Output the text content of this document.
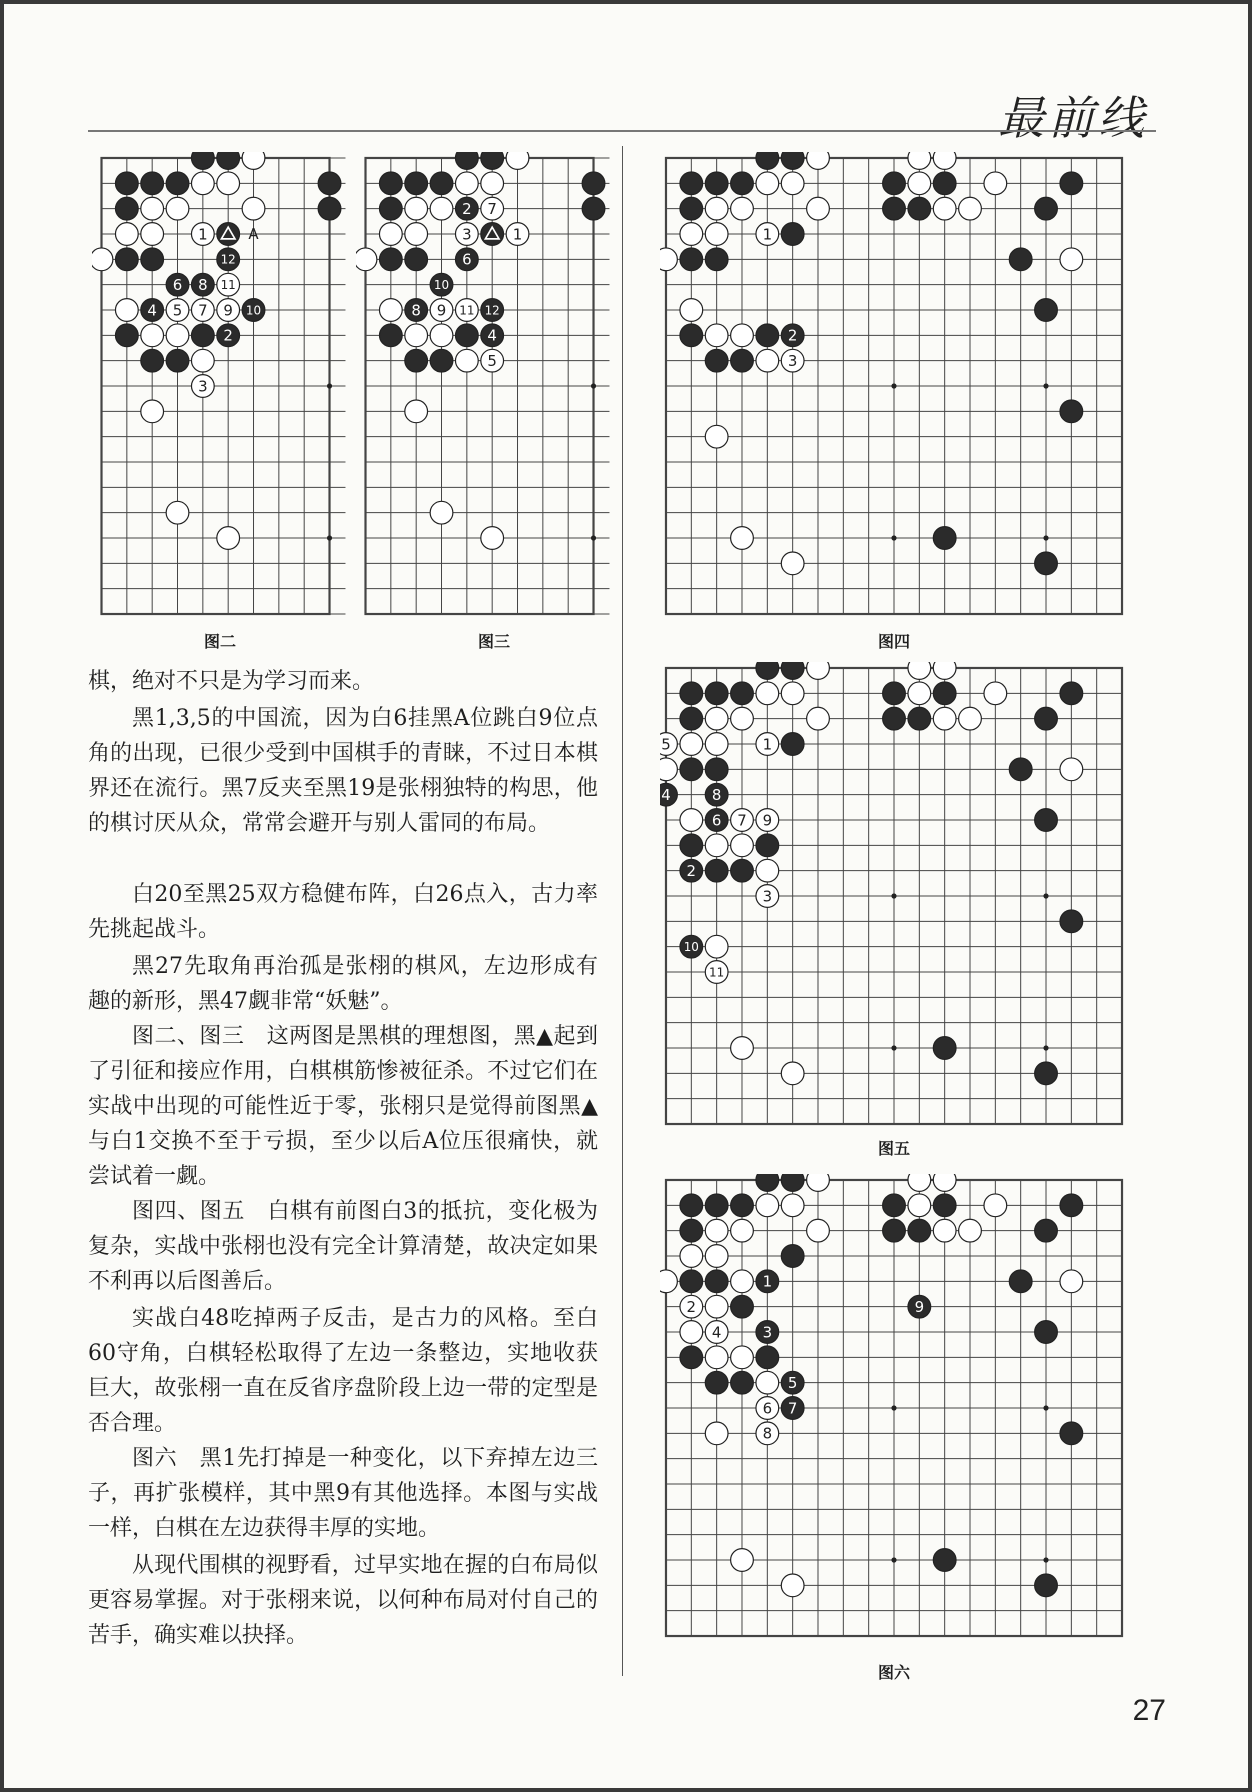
最前线
1
12
6 8 11
4 5 7 9 10
2
3
A
2 7
3	1
6
10
8 9 11 12
4
5
1
2
3
5	1
4	8
6 7 9
2
3
10
11
1
2	9
4	3
5
6 7
8
图二	图三	图四
图五
图六

棋，绝对不只是为学习而来。

黑1,3,5的中国流，因为白6挂黑A位跳白9位点角的出现，已很少受到中国棋手的青睐，不过日本棋界还在流行。黑7反夹至黑19是张栩独特的构思，他的棋讨厌从众，常常会避开与别人雷同的布局。

白20至黑25双方稳健布阵，白26点入，古力率先挑起战斗。

黑27先取角再治孤是张栩的棋风，左边形成有趣的新形，黑47觑非常“妖魅”。

图二、图三　这两图是黑棋的理想图，黑▲起到了引征和接应作用，白棋棋筋惨被征杀。不过它们在实战中出现的可能性近于零，张栩只是觉得前图黑▲与白1交换不至于亏损，至少以后A位压很痛快，就尝试着一觑。

图四、图五　白棋有前图白3的抵抗，变化极为复杂，实战中张栩也没有完全计算清楚，故决定如果不利再以后图善后。

实战白48吃掉两子反击，是古力的风格。至白60守角，白棋轻松取得了左边一条整边，实地收获巨大，故张栩一直在反省序盘阶段上边一带的定型是否合理。

图六　黑1先打掉是一种变化，以下弃掉左边三子，再扩张模样，其中黑9有其他选择。本图与实战一样，白棋在左边获得丰厚的实地。

从现代围棋的视野看，过早实地在握的白布局似更容易掌握。对于张栩来说，以何种布局对付自己的苦手，确实难以抉择。

27
